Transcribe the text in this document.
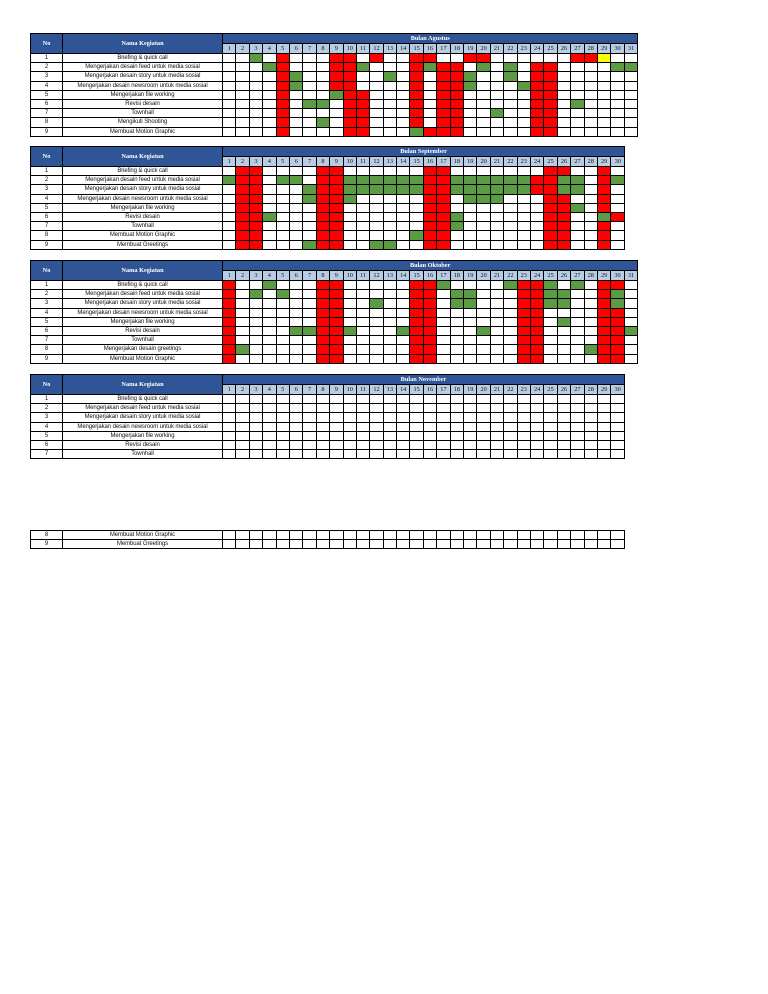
No	Nama Kegiatan	Bulan Agustus																														
		1	2	3	4	5	6	7	8	9	10	11	12	13	14	15	16	17	18	19	20	21	22	23	24	25	26	27	28	29	30	31
1	Briefing & quick call																															
2	Mengerjakan desain feed untuk media sosial																															
3	Mengerjakan desain story untuk media sosial																															
4	Mengerjakan desain newsroom untuk media sosial																															
5	Mengerjakan file working																															
6	Revisi desain																															
7	Townhall																															
8	Mengikuti Shooting																															
9	Membuat Motion Graphic																															
No	Nama Kegiatan	Bulan September																													
		1	2	3	4	5	6	7	8	9	10	11	12	13	14	15	16	17	18	19	20	21	22	23	24	25	26	27	28	29	30
1	Briefing & quick call																														
2	Mengerjakan desain feed untuk media sosial																														
3	Mengerjakan desain story untuk media sosial																														
4	Mengerjakan desain newsroom untuk media sosial																														
5	Mengerjakan file working																														
6	Revisi desain																														
7	Townhall																														
8	Membuat Motion Graphic																														
9	Membuat Greetings																														
No	Nama Kegiatan	Bulan Oktober																														
		1	2	3	4	5	6	7	8	9	10	11	12	13	14	15	16	17	18	19	20	21	22	23	24	25	26	27	28	29	30	31
1	Briefing & quick call																															
2	Mengerjakan desain feed untuk media sosial																															
3	Mengerjakan desain story untuk media sosial																															
4	Mengerjakan desain newsroom untuk media sosial																															
5	Mengerjakan file working																															
6	Revisi desain																															
7	Townhall																															
8	Mengerjakan desain greetings																															
9	Membuat Motion Graphic																															
No	Nama Kegiatan	Bulan November																													
		1	2	3	4	5	6	7	8	9	10	11	12	13	14	15	16	17	18	19	20	21	22	23	24	25	26	27	28	29	30
1	Briefing & quick call																														
2	Mengerjakan desain feed untuk media sosial																														
3	Mengerjakan desain story untuk media sosial																														
4	Mengerjakan desain newsroom untuk media sosial																														
5	Mengerjakan file working																														
6	Revisi desain																														
7	Townhall																														
8	Membuat Motion Graphic																														
9	Membuat Greetings																														
